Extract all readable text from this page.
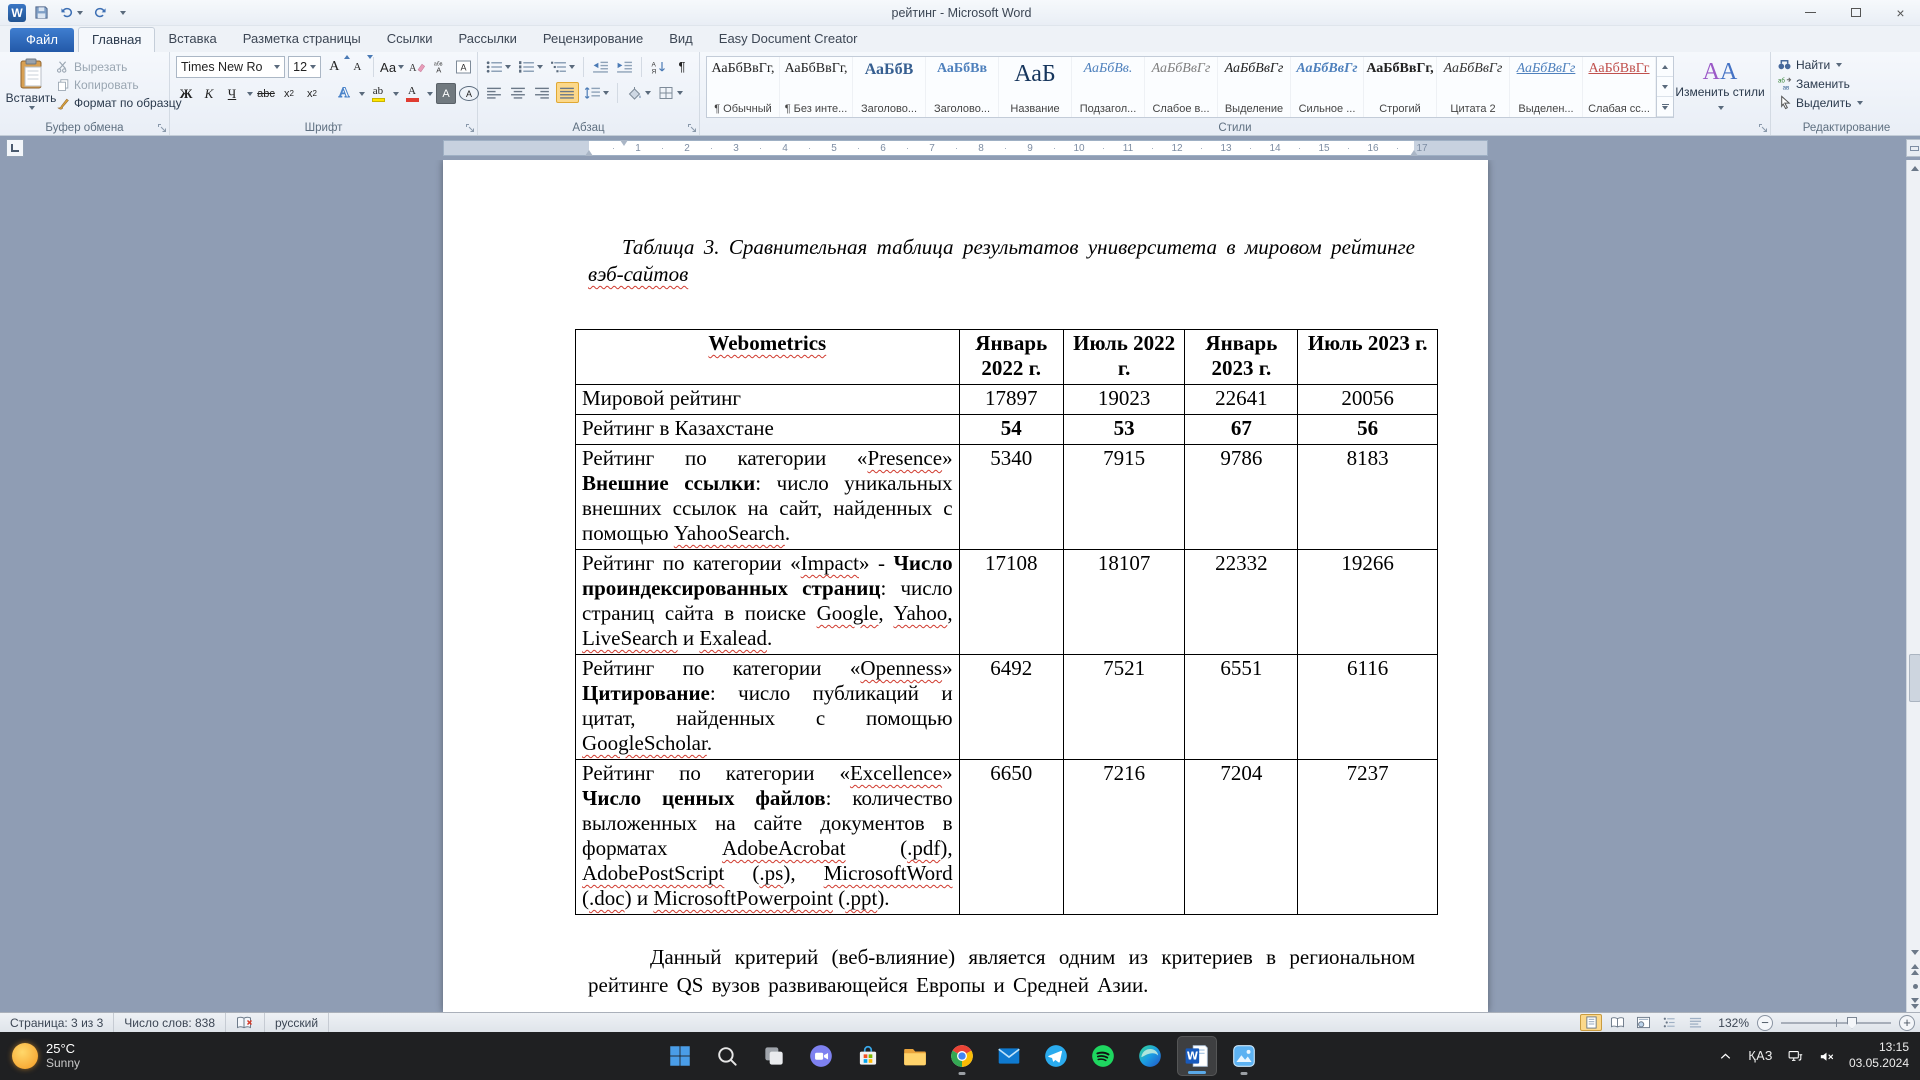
W	рейтинг - Microsoft Word	×
Файл	Главная	Вставка	Разметка страницы	Ссылки	Рассылки	Рецензирование	Вид	Easy Document Creator
Вставить
Вырезать
Копировать
Формат по образцу
Буфер обмена
Times New Ro 12 А А Аа А	абв
А А
Ж К	Ч	abc x 2 x 2	A	ab А	А	А
Шрифт
А
Я	¶
Абзац
АаБбВвГг,
¶ Обычный
АаБбВвГг,
¶ Без инте...
АаБбВ
Заголово...
АаБбВв
Заголово...
АаБ
Название
АаБбВв.
Подзагол...
АаБбВвГг
Слабое в...
АаБбВвГг
Выделение
АаБбВвГг
Сильное ...
АаБбВвГг,
Строгий
АаБбВвГг
Цитата 2
АаБбВвГг
Выделен...
АаБбВвГг
Слабая сс...
АА
Изменить стили
Стили
Найти
аб
ав Заменить
Выделить
Редактирование
1
·	2
·	3
·	4
·	5
·	6
·	7
·	8
·	9
·	10
·	11
·	12
·	13
·	14
·	15
·	16
·	17
·

Таблица 3. Сравнительная таблица результатов университета в мировом рейтинге вэб-сайтов

Webometrics	Январь 2022 г.	Июль 2022 г.	Январь 2023 г.	Июль 2023 г.
Мировой рейтинг	17897	19023	22641	20056
Рейтинг в Казахстане	54	53	67	56
Рейтинг по категории «Presence» Внешние ссылки: число уникальных внешних ссылок на сайт, найденных с помощью YahooSearch.	5340	7915	9786	8183
Рейтинг по категории «Impact» - Число проиндексированных страниц: число страниц сайта в поиске Google, Yahoo, LiveSearch и Exalead.	17108	18107	22332	19266
Рейтинг по категории «Openness» Цитирование: число публикаций и цитат, найденных с помощью GoogleScholar.	6492	7521	6551	6116
Рейтинг по категории «Excellence» Число ценных файлов: количество выложенных на сайте документов в форматах AdobeAcrobat (.pdf), AdobePostScript (.ps), MicrosoftWord (.doc) и MicrosoftPowerpoint (.ppt).	6650	7216	7204	7237

Данный критерий (веб-влияние) является одним из критериев в региональном рейтинге QS вузов развивающейся Европы и Средней Азии.

Страница: 3 из 3 Число слов: 838	русский	132% −	+
25°C
Sunny	W	ҚАЗ
13:15
03.05.2024
